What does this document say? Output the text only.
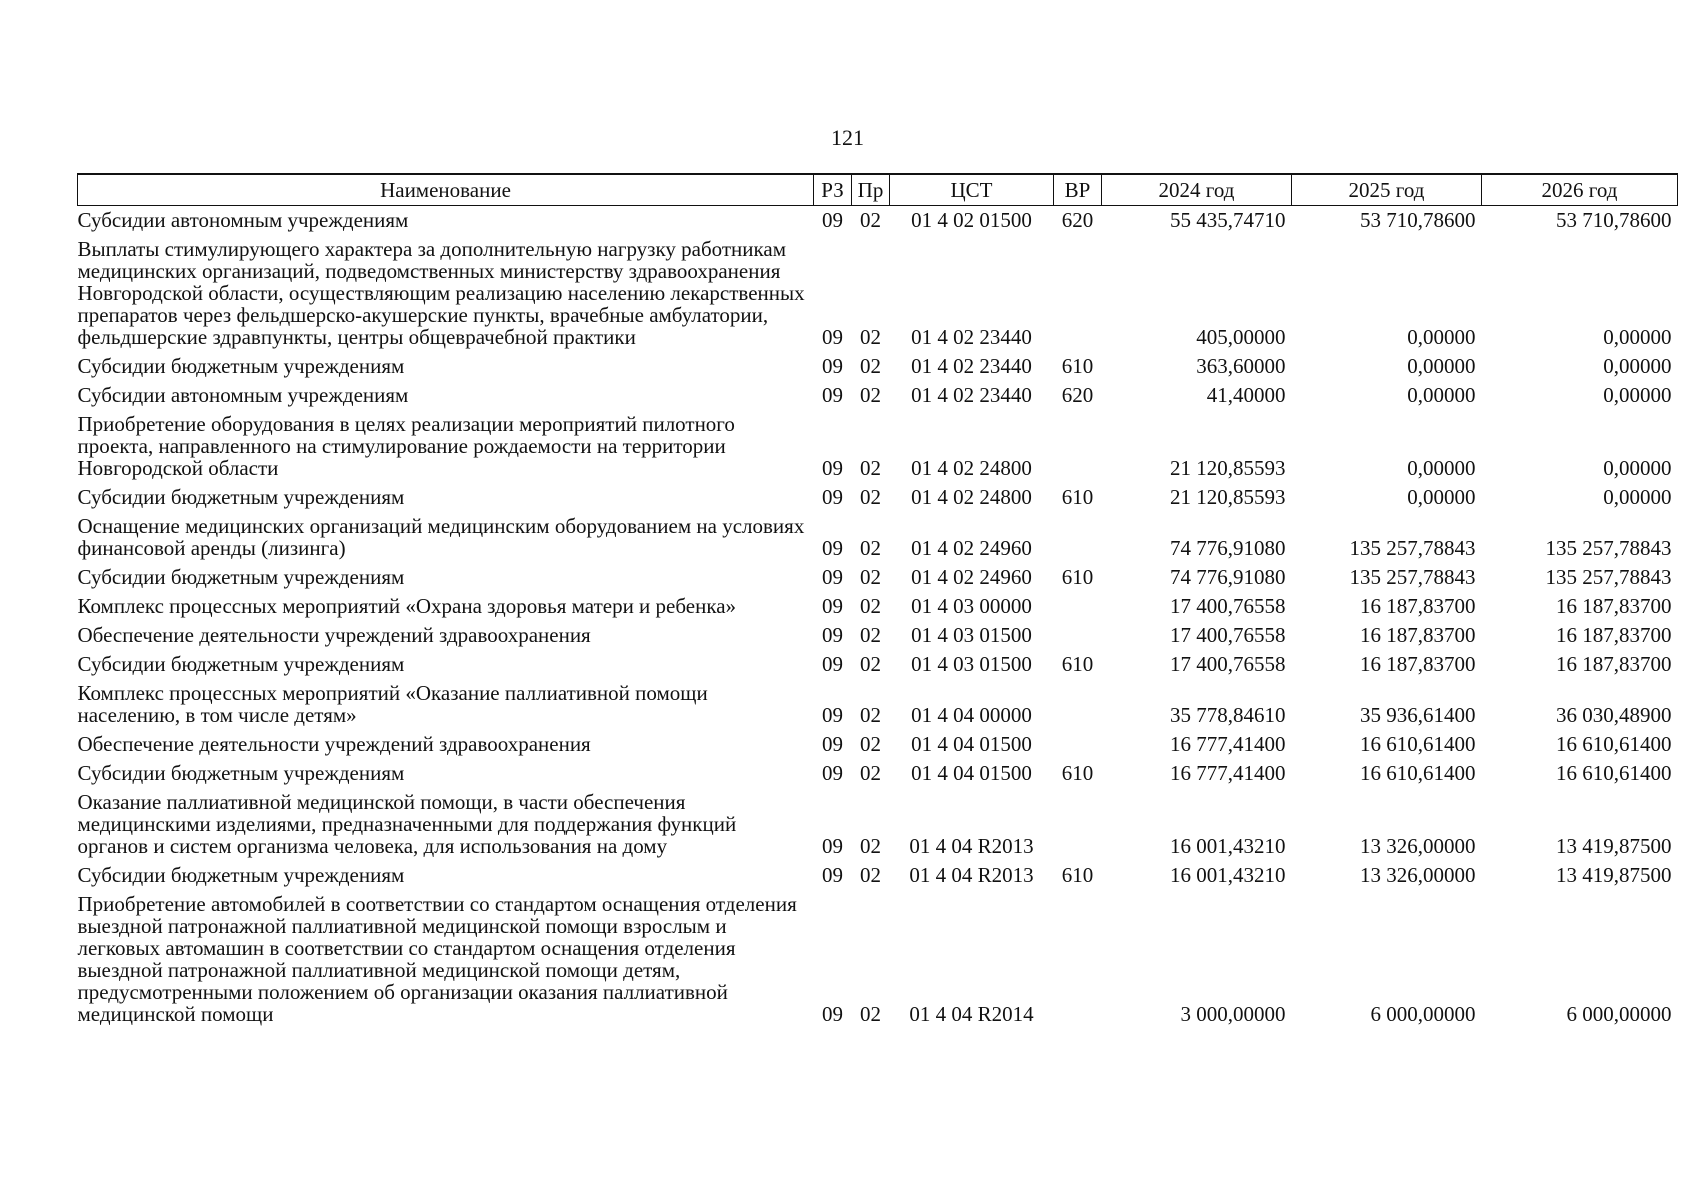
121
Наименование	РЗ	Пр	ЦСТ	ВР	2024 год	2025 год	2026 год
Субсидии автономным учреждениям	09	02	01 4 02 01500	620	55 435,74710	53 710,78600	53 710,78600
Выплаты стимулирующего характера за дополнительную нагрузку работникам медицинских организаций, подведомственных министерству здравоохранения Новгородской области, осуществляющим реализацию населению лекарственных препаратов через фельдшерско-акушерские пункты, врачебные амбулатории, фельдшерские здравпункты, центры общеврачебной практики	09	02	01 4 02 23440		405,00000	0,00000	0,00000
Субсидии бюджетным учреждениям	09	02	01 4 02 23440	610	363,60000	0,00000	0,00000
Субсидии автономным учреждениям	09	02	01 4 02 23440	620	41,40000	0,00000	0,00000
Приобретение оборудования в целях реализации мероприятий пилотного проекта, направленного на стимулирование рождаемости на территории Новгородской области	09	02	01 4 02 24800		21 120,85593	0,00000	0,00000
Субсидии бюджетным учреждениям	09	02	01 4 02 24800	610	21 120,85593	0,00000	0,00000
Оснащение медицинских организаций медицинским оборудованием на условиях финансовой аренды (лизинга)	09	02	01 4 02 24960		74 776,91080	135 257,78843	135 257,78843
Субсидии бюджетным учреждениям	09	02	01 4 02 24960	610	74 776,91080	135 257,78843	135 257,78843
Комплекс процессных мероприятий «Охрана здоровья матери и ребенка»	09	02	01 4 03 00000		17 400,76558	16 187,83700	16 187,83700
Обеспечение деятельности учреждений здравоохранения	09	02	01 4 03 01500		17 400,76558	16 187,83700	16 187,83700
Субсидии бюджетным учреждениям	09	02	01 4 03 01500	610	17 400,76558	16 187,83700	16 187,83700
Комплекс процессных мероприятий «Оказание паллиативной помощи населению, в том числе детям»	09	02	01 4 04 00000		35 778,84610	35 936,61400	36 030,48900
Обеспечение деятельности учреждений здравоохранения	09	02	01 4 04 01500		16 777,41400	16 610,61400	16 610,61400
Субсидии бюджетным учреждениям	09	02	01 4 04 01500	610	16 777,41400	16 610,61400	16 610,61400
Оказание паллиативной медицинской помощи, в части обеспечения медицинскими изделиями, предназначенными для поддержания функций органов и систем организма человека, для использования на дому	09	02	01 4 04 R2013		16 001,43210	13 326,00000	13 419,87500
Субсидии бюджетным учреждениям	09	02	01 4 04 R2013	610	16 001,43210	13 326,00000	13 419,87500
Приобретение автомобилей в соответствии со стандартом оснащения отделения выездной патронажной паллиативной медицинской помощи взрослым и легковых автомашин в соответствии со стандартом оснащения отделения выездной патронажной паллиативной медицинской помощи детям, предусмотренными положением об организации оказания паллиативной медицинской помощи	09	02	01 4 04 R2014		3 000,00000	6 000,00000	6 000,00000
